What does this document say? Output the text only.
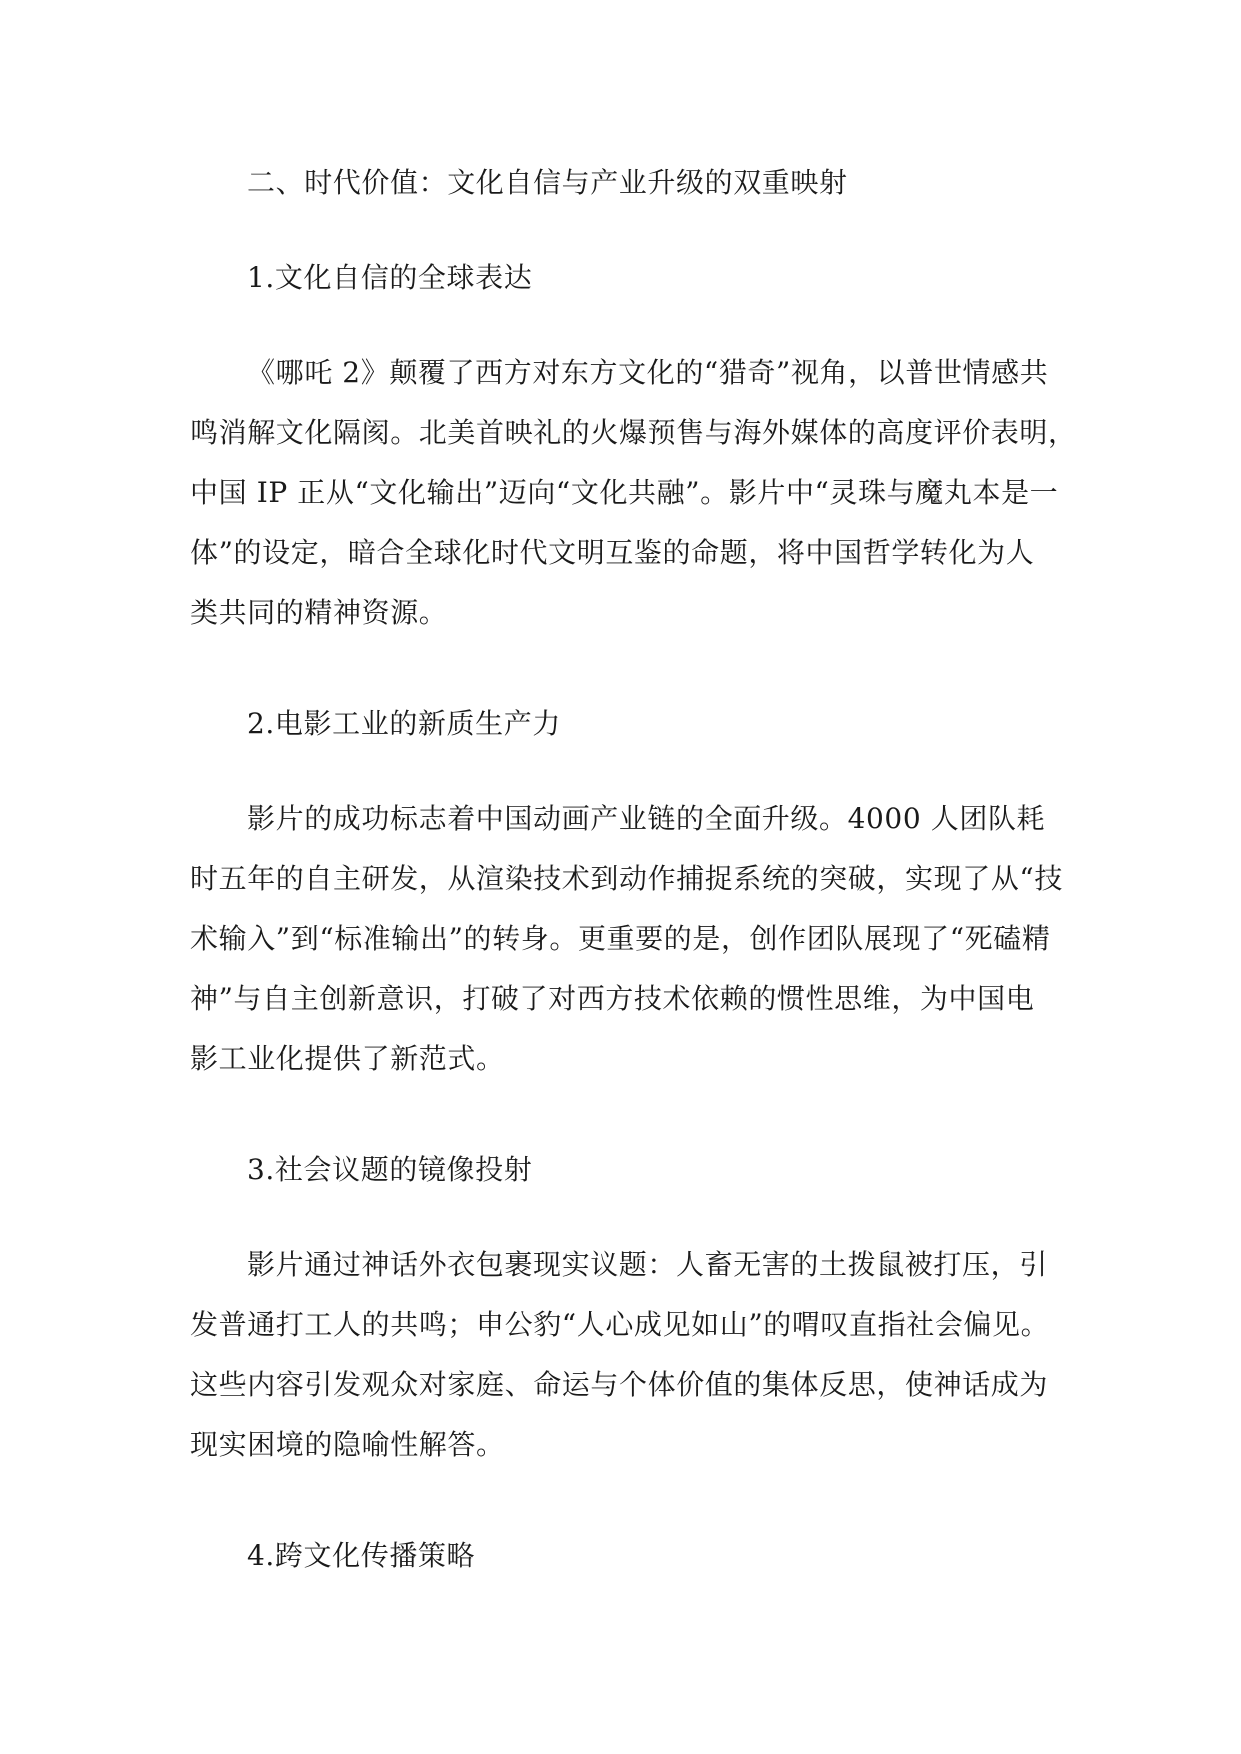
二、时代价值：文化自信与产业升级的双重映射
1.文化自信的全球表达
《哪吒 2》颠覆了西方对东方文化的“猎奇”视角，以普世情感共
鸣消解文化隔阂。北美首映礼的火爆预售与海外媒体的高度评价表明，
中国 IP 正从“文化输出”迈向“文化共融”。影片中“灵珠与魔丸本是一
体”的设定，暗合全球化时代文明互鉴的命题，将中国哲学转化为人
类共同的精神资源。
2.电影工业的新质生产力
影片的成功标志着中国动画产业链的全面升级。4000 人团队耗
时五年的自主研发，从渲染技术到动作捕捉系统的突破，实现了从“技
术输入”到“标准输出”的转身。更重要的是，创作团队展现了“死磕精
神”与自主创新意识，打破了对西方技术依赖的惯性思维，为中国电
影工业化提供了新范式。
3.社会议题的镜像投射
影片通过神话外衣包裹现实议题：人畜无害的土拨鼠被打压，引
发普通打工人的共鸣；申公豹“人心成见如山”的喟叹直指社会偏见。
这些内容引发观众对家庭、命运与个体价值的集体反思，使神话成为
现实困境的隐喻性解答。
4.跨文化传播策略
